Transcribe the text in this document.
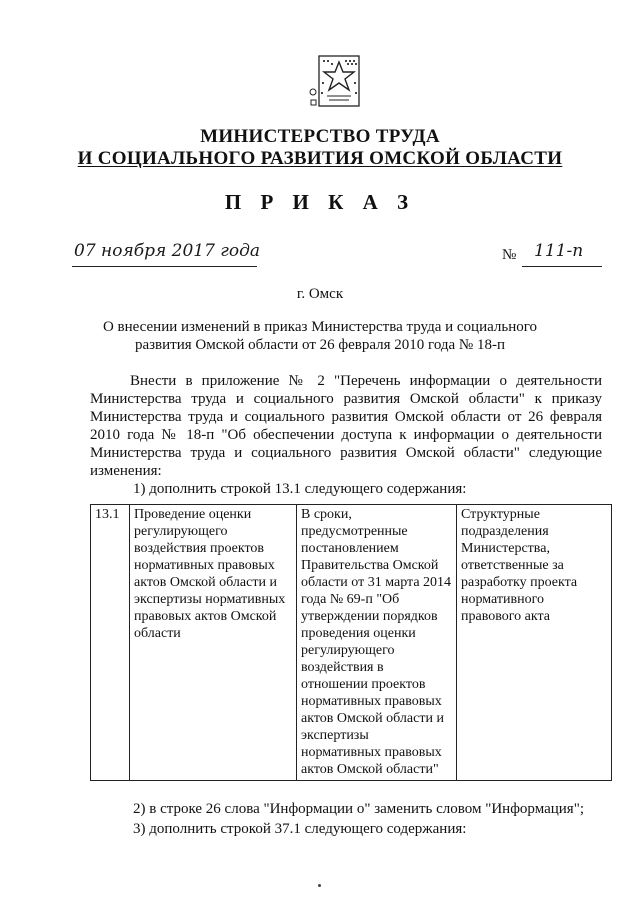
МИНИСТЕРСТВО ТРУДА
И СОЦИАЛЬНОГО РАЗВИТИЯ ОМСКОЙ ОБЛАСТИ
П Р И К А З
07 ноября 2017 года	№ 111-п
г. Омск
О внесении изменений в приказ Министерства труда и социального развития Омской области от 26 февраля 2010 года № 18-п
Внести в приложение № 2 "Перечень информации о деятельности Министерства труда и социального развития Омской области" к приказу Министерства труда и социального развития Омской области от 26 февраля 2010 года № 18-п "Об обеспечении доступа к информации о деятельности Министерства труда и социального развития Омской области" следующие изменения:
1) дополнить строкой 13.1 следующего содержания:
13.1	Проведение оценки регулирующего воздействия проектов нормативных правовых актов Омской области и экспертизы нормативных правовых актов Омской области	В сроки, предусмотренные постановлением Правительства Омской области от 31 марта 2014 года № 69-п "Об утверждении порядков проведения оценки регулирующего воздействия в отношении проектов нормативных правовых актов Омской области и экспертизы нормативных правовых актов Омской области"	Структурные подразделения Министерства, ответственные за разработку проекта нормативного правового акта
2) в строке 26 слова "Информации о" заменить словом "Информация";
3) дополнить строкой 37.1 следующего содержания:
